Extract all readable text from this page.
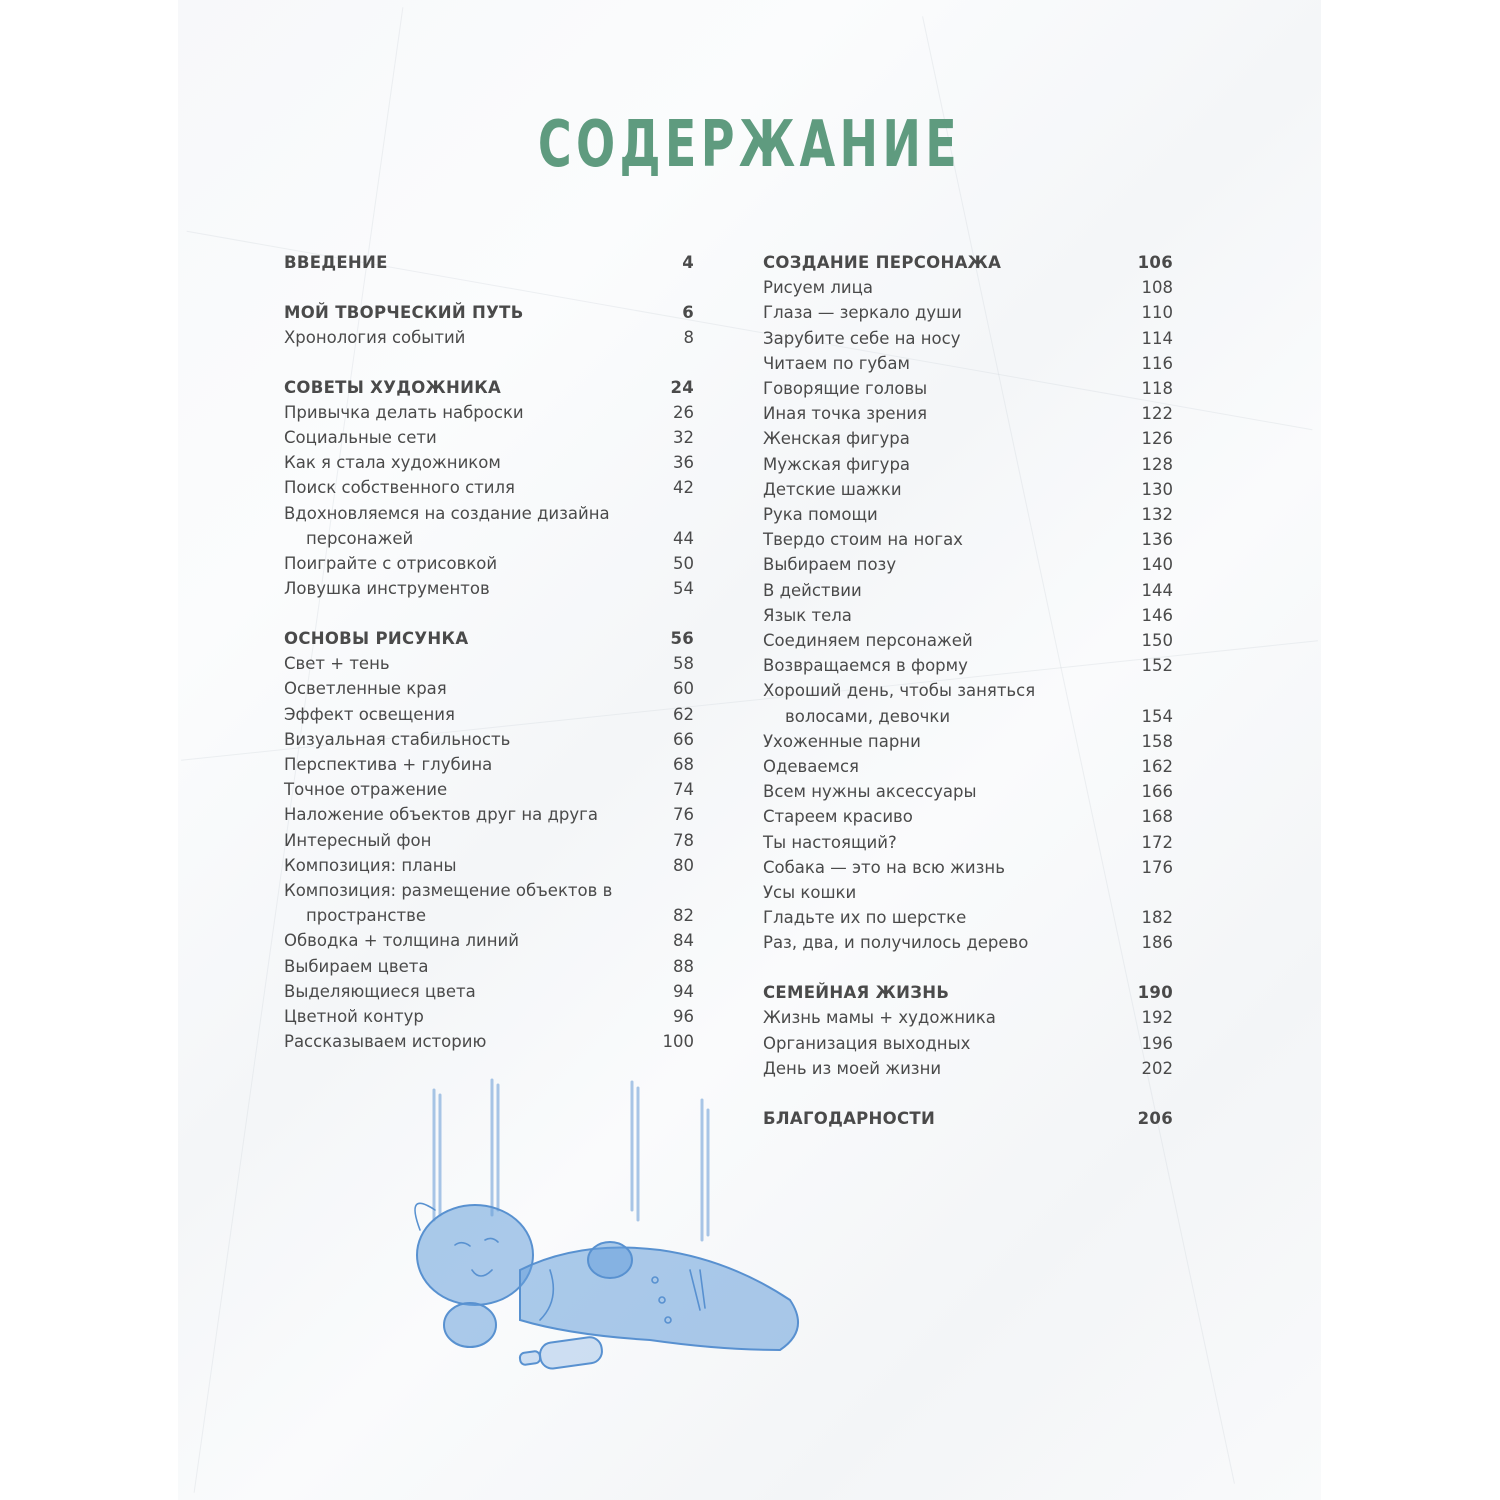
СОДЕРЖАНИЕ
ВВЕДЕНИЕ	4
МОЙ ТВОРЧЕСКИЙ ПУТЬ	6
Хронология событий	8
СОВЕТЫ ХУДОЖНИКА	24
Привычка делать наброски	26
Социальные сети	32
Как я стала художником	36
Поиск собственного стиля	42
Вдохновляемся на создание дизайна персонажей	44
Поиграйте с отрисовкой	50
Ловушка инструментов	54
ОСНОВЫ РИСУНКА	56
Свет + тень	58
Осветленные края	60
Эффект освещения	62
Визуальная стабильность	66
Перспектива + глубина	68
Точное отражение	74
Наложение объектов друг на друга	76
Интересный фон	78
Композиция: планы	80
Композиция: размещение объектов в пространстве	82
Обводка + толщина линий	84
Выбираем цвета	88
Выделяющиеся цвета	94
Цветной контур	96
Рассказываем историю	100
СОЗДАНИЕ ПЕРСОНАЖА	106
Рисуем лица	108
Глаза — зеркало души	110
Зарубите себе на носу	114
Читаем по губам	116
Говорящие головы	118
Иная точка зрения	122
Женская фигура	126
Мужская фигура	128
Детские шажки	130
Рука помощи	132
Твердо стоим на ногах	136
Выбираем позу	140
В действии	144
Язык тела	146
Соединяем персонажей	150
Возвращаемся в форму	152
Хороший день, чтобы заняться волосами, девочки	154
Ухоженные парни	158
Одеваемся	162
Всем нужны аксессуары	166
Стареем красиво	168
Ты настоящий?	172
Собака — это на всю жизнь	176
Усы кошки
Гладьте их по шерстке	182
Раз, два, и получилось дерево	186
СЕМЕЙНАЯ ЖИЗНЬ	190
Жизнь мамы + художника	192
Организация выходных	196
День из моей жизни	202
БЛАГОДАРНОСТИ	206
